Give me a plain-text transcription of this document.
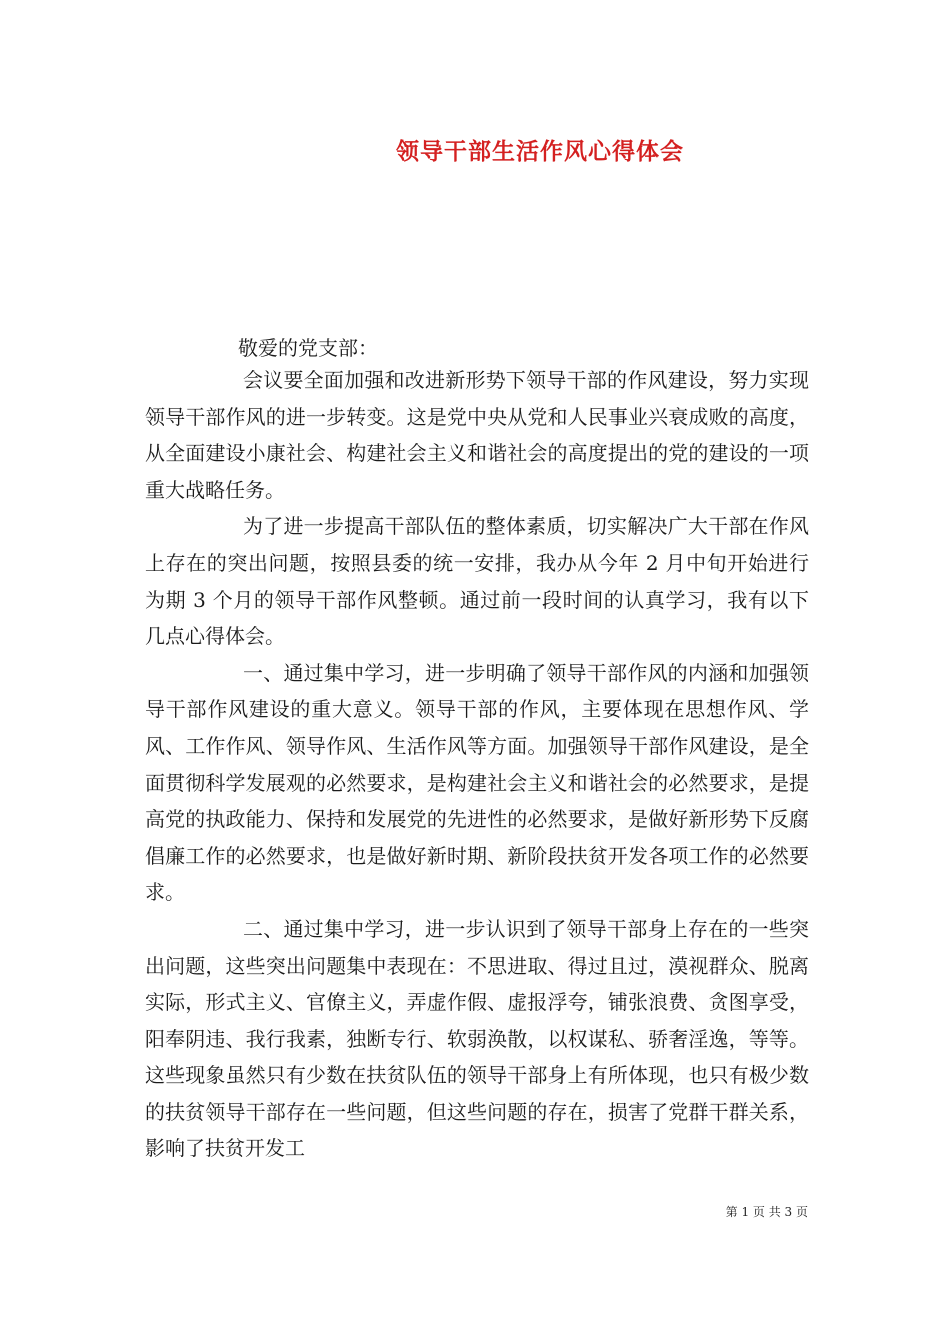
领导干部生活作风心得体会
敬爱的党支部：

会议要全面加强和改进新形势下领导干部的作风建设，努力实现领导干部作风的进一步转变。这是党中央从党和人民事业兴衰成败的高度，从全面建设小康社会、构建社会主义和谐社会的高度提出的党的建设的一项重大战略任务。

为了进一步提高干部队伍的整体素质，切实解决广大干部在作风上存在的突出问题，按照县委的统一安排，我办从今年 2 月中旬开始进行为期 3 个月的领导干部作风整顿。通过前一段时间的认真学习，我有以下几点心得体会。

一、通过集中学习，进一步明确了领导干部作风的内涵和加强领导干部作风建设的重大意义。领导干部的作风，主要体现在思想作风、学风、工作作风、领导作风、生活作风等方面。加强领导干部作风建设，是全面贯彻科学发展观的必然要求，是构建社会主义和谐社会的必然要求，是提高党的执政能力、保持和发展党的先进性的必然要求，是做好新形势下反腐倡廉工作的必然要求，也是做好新时期、新阶段扶贫开发各项工作的必然要求。

二、通过集中学习，进一步认识到了领导干部身上存在的一些突出问题，这些突出问题集中表现在：不思进取、得过且过，漠视群众、脱离实际，形式主义、官僚主义，弄虚作假、虚报浮夸，铺张浪费、贪图享受，阳奉阴违、我行我素，独断专行、软弱涣散，以权谋私、骄奢淫逸，等等。这些现象虽然只有少数在扶贫队伍的领导干部身上有所体现，也只有极少数的扶贫领导干部存在一些问题，但这些问题的存在，损害了党群干群关系，影响了扶贫开发工

第 1 页 共 3 页
